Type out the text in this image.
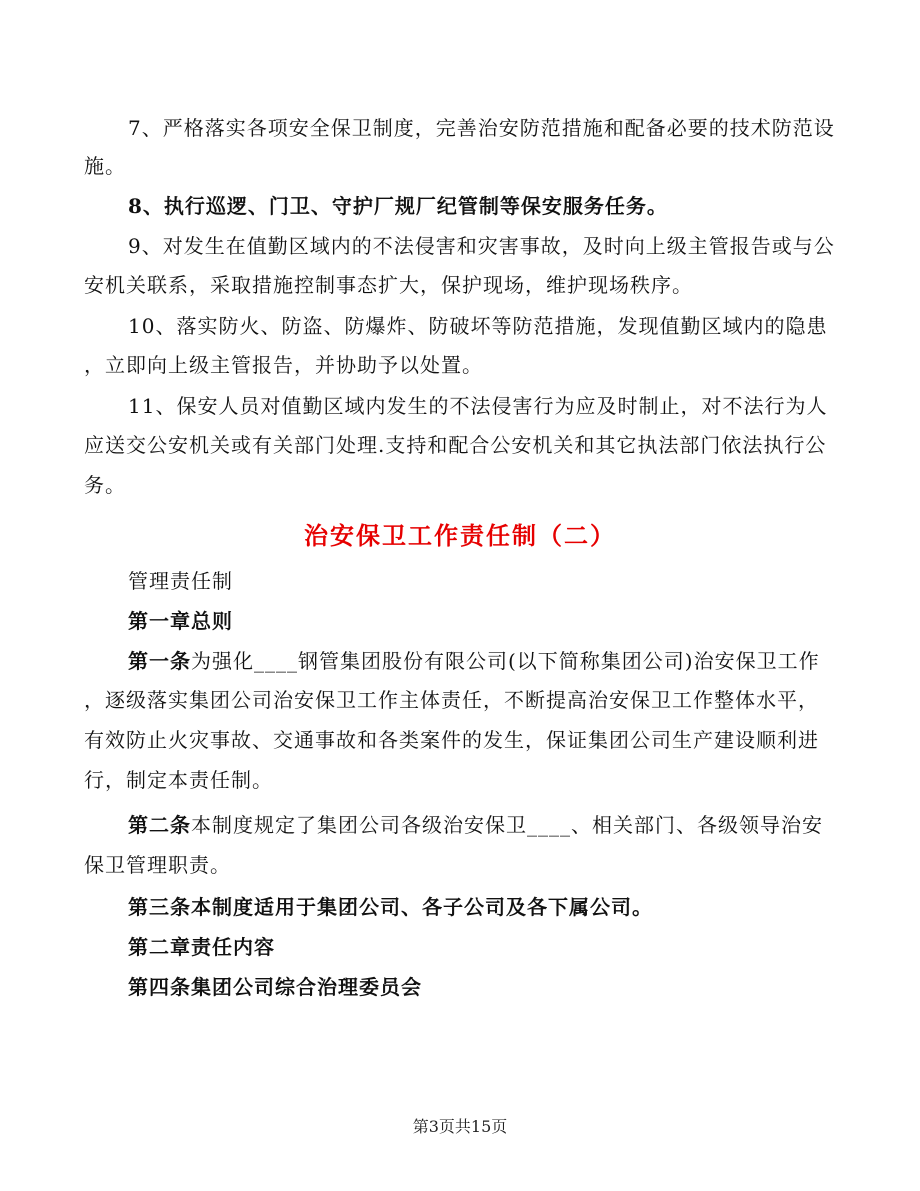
7、严格落实各项安全保卫制度，完善治安防范措施和配备必要的技术防范设
施。
8、执行巡逻、门卫、守护厂规厂纪管制等保安服务任务。
9、对发生在值勤区域内的不法侵害和灾害事故，及时向上级主管报告或与公
安机关联系，采取措施控制事态扩大，保护现场，维护现场秩序。
10、落实防火、防盗、防爆炸、防破坏等防范措施，发现值勤区域内的隐患
，立即向上级主管报告，并协助予以处置。
11、保安人员对值勤区域内发生的不法侵害行为应及时制止，对不法行为人
应送交公安机关或有关部门处理.支持和配合公安机关和其它执法部门依法执行公
务。
治安保卫工作责任制（二）
管理责任制
第一章总则
第一条为强化____钢管集团股份有限公司(以下简称集团公司)治安保卫工作
，逐级落实集团公司治安保卫工作主体责任，不断提高治安保卫工作整体水平，
有效防止火灾事故、交通事故和各类案件的发生，保证集团公司生产建设顺利进
行，制定本责任制。
第二条本制度规定了集团公司各级治安保卫____、相关部门、各级领导治安
保卫管理职责。
第三条本制度适用于集团公司、各子公司及各下属公司。
第二章责任内容
第四条集团公司综合治理委员会
第3页共15页
